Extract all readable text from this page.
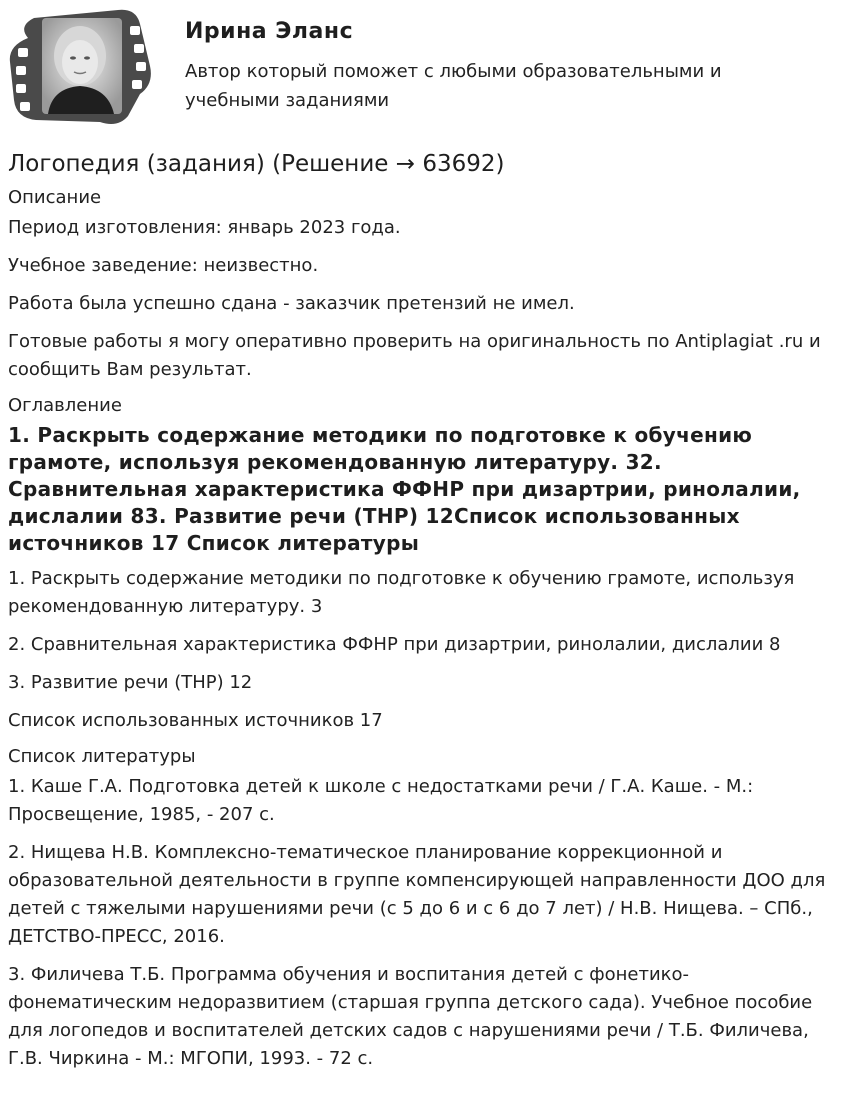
Ирина Эланс
Автор который поможет с любыми образовательными и учебными заданиями
Логопедия (задания) (Решение → 63692)
Описание
Период изготовления: январь 2023 года.
Учебное заведение: неизвестно.
Работа была успешно сдана - заказчик претензий не имел.
Готовые работы я могу оперативно проверить на оригинальность по Antiplagiat .ru и сообщить Вам результат.
Оглавление
1. Раскрыть содержание методики по подготовке к обучению грамоте, используя рекомендованную литературу. 32. Сравнительная характеристика ФФНР при дизартрии, ринолалии, дислалии 83. Развитие речи (ТНР) 12Список использованных источников 17 Список литературы
1. Раскрыть содержание методики по подготовке к обучению грамоте, используя рекомендованную литературу. 3
2. Сравнительная характеристика ФФНР при дизартрии, ринолалии, дислалии 8
3. Развитие речи (ТНР) 12
Список использованных источников 17
Список литературы
1. Каше Г.А. Подготовка детей к школе с недостатками речи / Г.А. Каше. - М.: Просвещение, 1985, - 207 с.
2. Нищева Н.В. Комплексно-тематическое планирование коррекционной и образовательной деятельности в группе компенсирующей направленности ДОО для детей с тяжелыми нарушениями речи (с 5 до 6 и с 6 до 7 лет) / Н.В. Нищева. – СПб., ДЕТСТВО-ПРЕСС, 2016.
3. Филичева Т.Б. Программа обучения и воспитания детей с фонетико-фонематическим недоразвитием (старшая группа детского сада). Учебное пособие для логопедов и воспитателей детских садов с нарушениями речи / Т.Б. Филичева, Г.В. Чиркина - М.: МГОПИ, 1993. - 72 с.
